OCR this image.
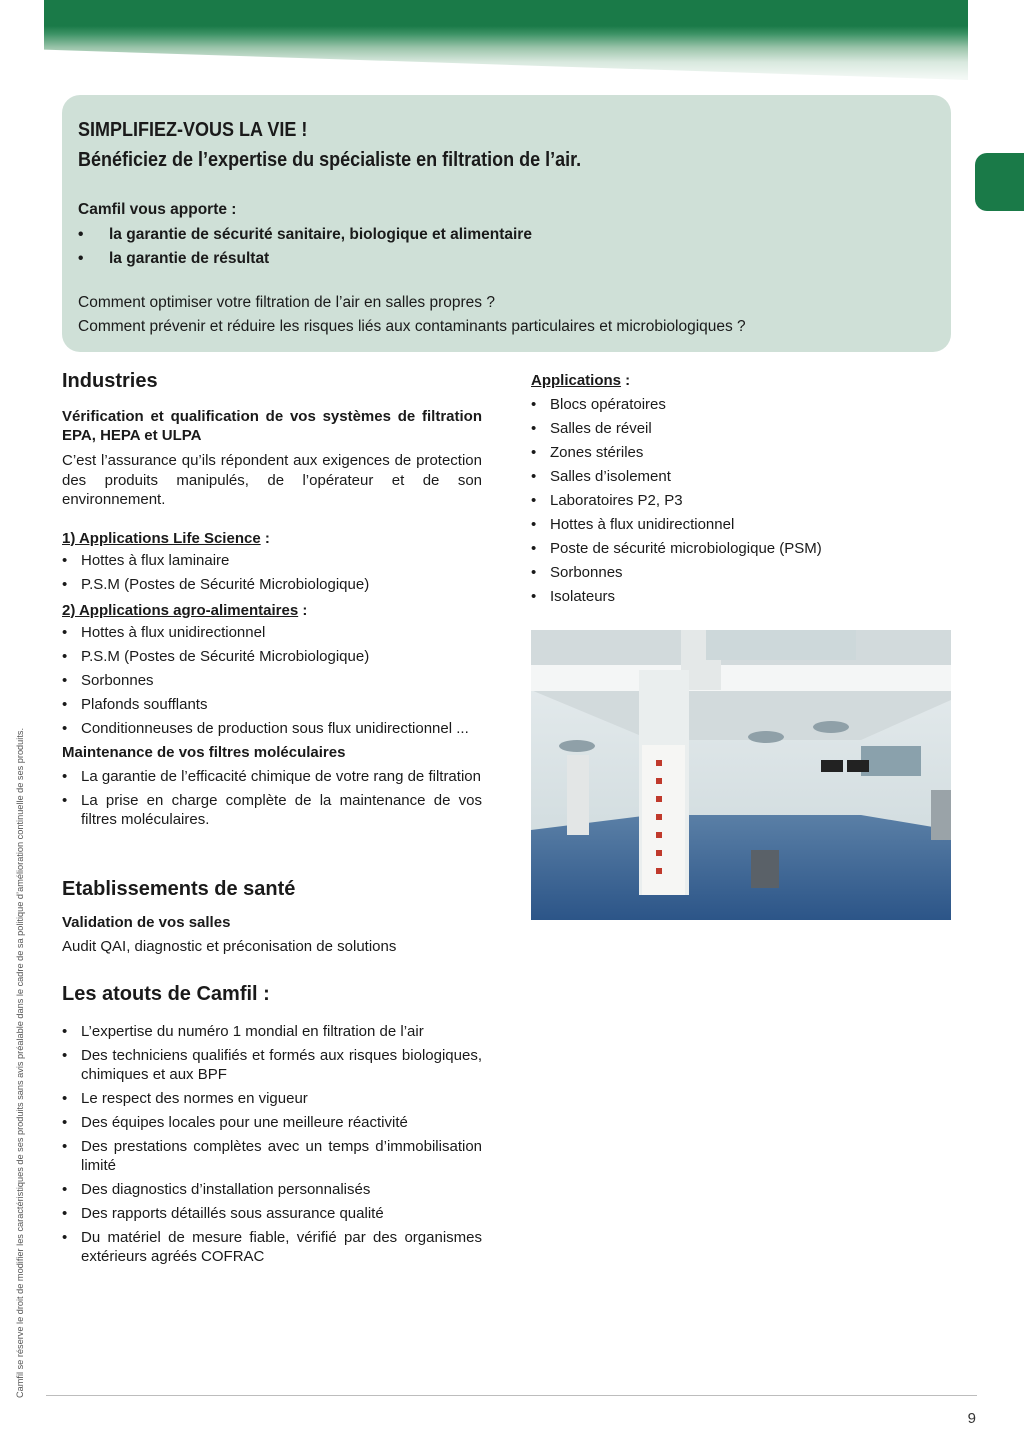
SIMPLIFIEZ-VOUS LA VIE !

Bénéficiez de l’expertise du spécialiste en filtration de l’air.

Camfil vous apporte :

• la garantie de sécurité sanitaire, biologique et alimentaire
• la garantie de résultat

Comment optimiser votre filtration de l’air en salles propres ?

Comment prévenir et réduire les risques liés aux contaminants particulaires et microbiologiques ?

Industries

Vérification et qualification de vos systèmes de filtration EPA, HEPA et ULPA

C’est l’assurance qu’ils répondent aux exigences de protection des produits manipulés, de l’opérateur et de son environnement.

1) Applications Life Science :

• Hottes à flux laminaire
• P.S.M (Postes de Sécurité Microbiologique)

2) Applications agro-alimentaires :

• Hottes à flux unidirectionnel
• P.S.M (Postes de Sécurité Microbiologique)
• Sorbonnes
• Plafonds soufflants
• Conditionneuses de production sous flux unidirectionnel ...

Maintenance de vos filtres moléculaires

• La garantie de l’efficacité chimique de votre rang de filtration
• La prise en charge complète de la maintenance de vos filtres moléculaires.
Etablissements de santé

Validation de vos salles

Audit QAI, diagnostic et préconisation de solutions

Les atouts de Camfil :
• L’expertise du numéro 1 mondial en filtration de l’air
• Des techniciens qualifiés et formés aux risques biologiques, chimiques et aux BPF
• Le respect des normes en vigueur
• Des équipes locales pour une meilleure réactivité
• Des prestations complètes avec un temps d’immobilisation limité
• Des diagnostics d’installation personnalisés
• Des rapports détaillés sous assurance qualité
• Du matériel de mesure fiable, vérifié par des organismes extérieurs agréés COFRAC

Applications :

• Blocs opératoires
• Salles de réveil
• Zones stériles
• Salles d’isolement
• Laboratoires P2, P3
• Hottes à flux unidirectionnel
• Poste de sécurité microbiologique (PSM)
• Sorbonnes
• Isolateurs
Camfil se réserve le droit de modifier les caractéristiques de ses produits sans avis préalable dans le cadre de sa politique d’amélioration continuelle de ses produits.
9
